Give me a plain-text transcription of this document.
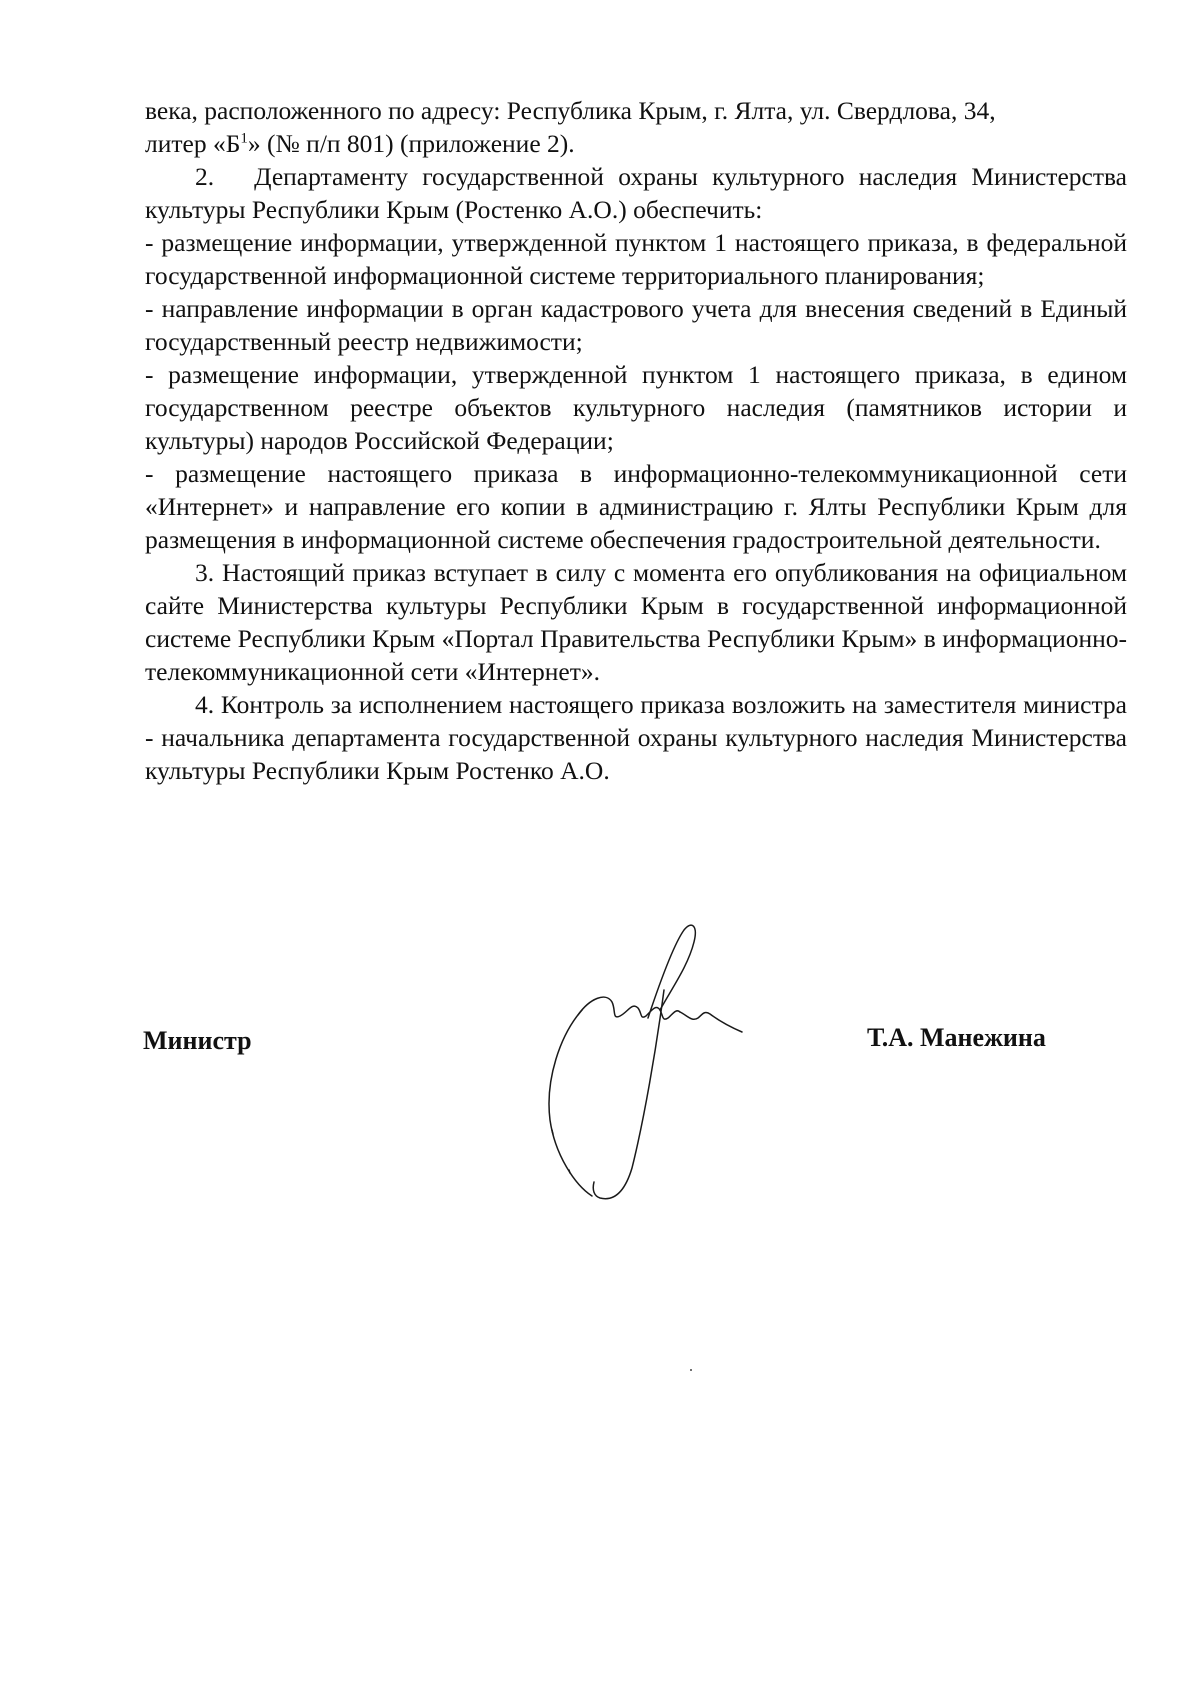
века, расположенного по адресу: Республика Крым, г. Ялта, ул. Свердлова, 34,
литер «$Б^1$» (№ п/п 801) (приложение 2).

2. Департаменту государственной охраны культурного наследия Министерства культуры Республики Крым (Ростенко А.О.) обеспечить:

- размещение информации, утвержденной пунктом 1 настоящего приказа, в федеральной государственной информационной системе территориального планирования;

- направление информации в орган кадастрового учета для внесения сведений в Единый государственный реестр недвижимости;

- размещение информации, утвержденной пунктом 1 настоящего приказа, в едином государственном реестре объектов культурного наследия (памятников истории и культуры) народов Российской Федерации;

- размещение настоящего приказа в информационно-телекоммуникационной сети «Интернет» и направление его копии в администрацию г. Ялты Республики Крым для размещения в информационной системе обеспечения градостроительной деятельности.

3. Настоящий приказ вступает в силу с момента его опубликования на официальном сайте Министерства культуры Республики Крым в государственной информационной системе Республики Крым «Портал Правительства Республики Крым» в информационно-телекоммуникационной сети «Интернет».

4. Контроль за исполнением настоящего приказа возложить на заместителя министра - начальника департамента государственной охраны культурного наследия Министерства культуры Республики Крым Ростенко А.О.

Министр	Т.А. Манежина
